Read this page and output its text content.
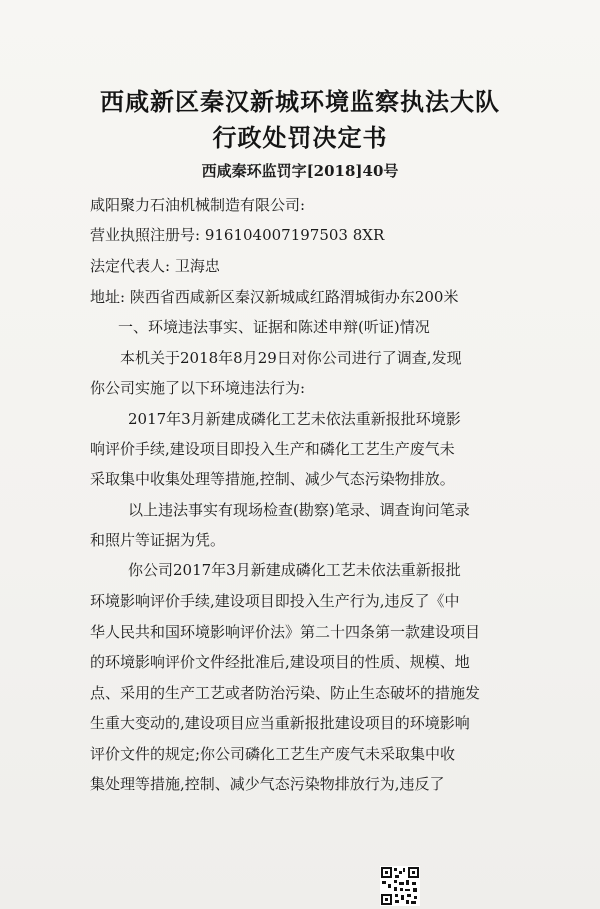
西咸新区秦汉新城环境监察执法大队
行政处罚决定书
西咸秦环监罚字[2018]40号
咸阳聚力石油机械制造有限公司:
营业执照注册号: 916104007197503 8XR
法定代表人: 卫海忠
地址: 陕西省西咸新区秦汉新城咸红路渭城街办东200米
一、环境违法事实、证据和陈述申辩(听证)情况
本机关于2018年8月29日对你公司进行了调查,发现
你公司实施了以下环境违法行为:
2017年3月新建成磷化工艺未依法重新报批环境影
响评价手续,建设项目即投入生产和磷化工艺生产废气未
采取集中收集处理等措施,控制、减少气态污染物排放。
以上违法事实有现场检查(勘察)笔录、调查询问笔录
和照片等证据为凭。
你公司2017年3月新建成磷化工艺未依法重新报批
环境影响评价手续,建设项目即投入生产行为,违反了《中
华人民共和国环境影响评价法》第二十四条第一款建设项目
的环境影响评价文件经批准后,建设项目的性质、规模、地
点、采用的生产工艺或者防治污染、防止生态破坏的措施发
生重大变动的,建设项目应当重新报批建设项目的环境影响
评价文件的规定;你公司磷化工艺生产废气未采取集中收
集处理等措施,控制、减少气态污染物排放行为,违反了
